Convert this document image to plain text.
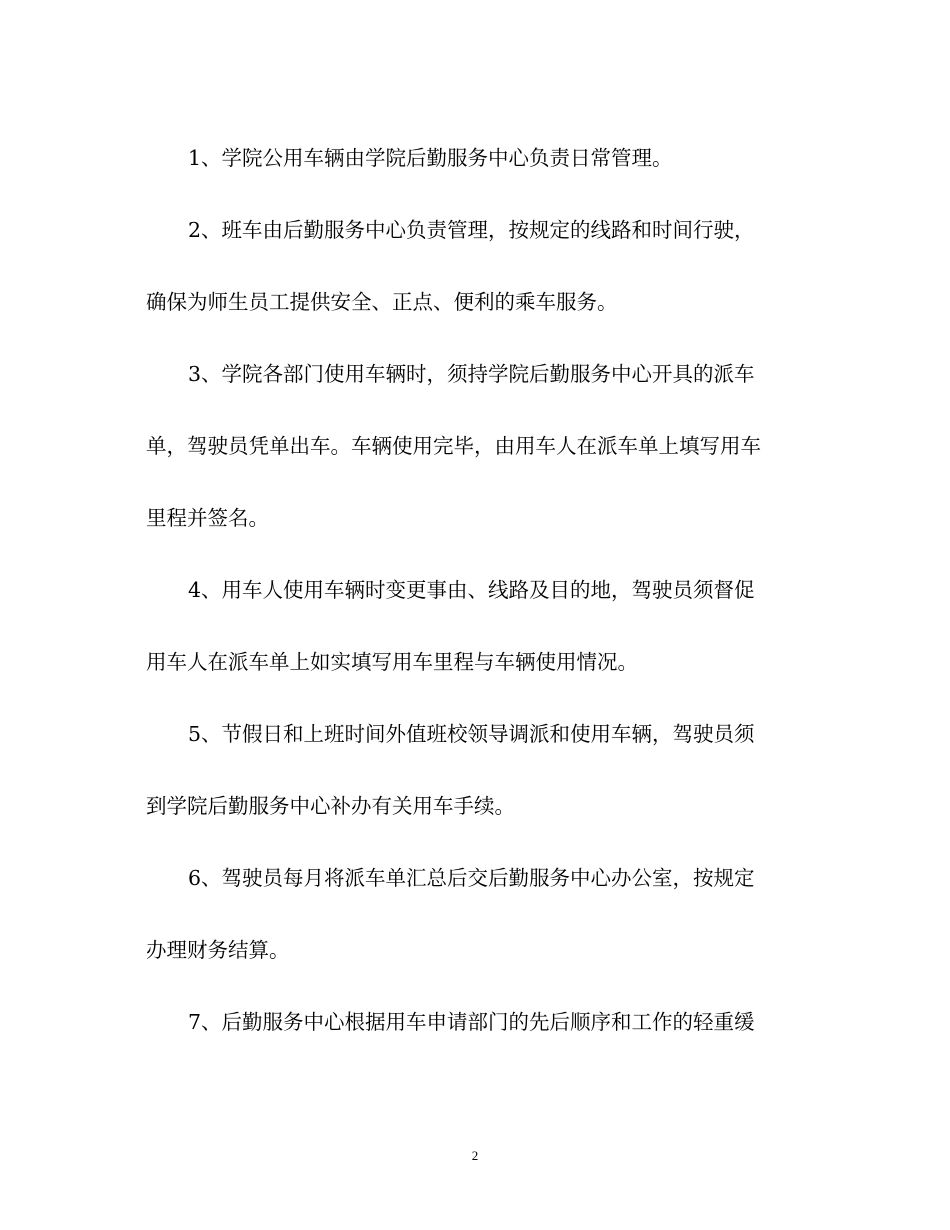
1、学院公用车辆由学院后勤服务中心负责日常管理。
2、班车由后勤服务中心负责管理，按规定的线路和时间行驶，
确保为师生员工提供安全、正点、便利的乘车服务。
3、学院各部门使用车辆时，须持学院后勤服务中心开具的派车
单，驾驶员凭单出车。车辆使用完毕，由用车人在派车单上填写用车
里程并签名。
4、用车人使用车辆时变更事由、线路及目的地，驾驶员须督促
用车人在派车单上如实填写用车里程与车辆使用情况。
5、节假日和上班时间外值班校领导调派和使用车辆，驾驶员须
到学院后勤服务中心补办有关用车手续。
6、驾驶员每月将派车单汇总后交后勤服务中心办公室，按规定
办理财务结算。
7、后勤服务中心根据用车申请部门的先后顺序和工作的轻重缓
2
